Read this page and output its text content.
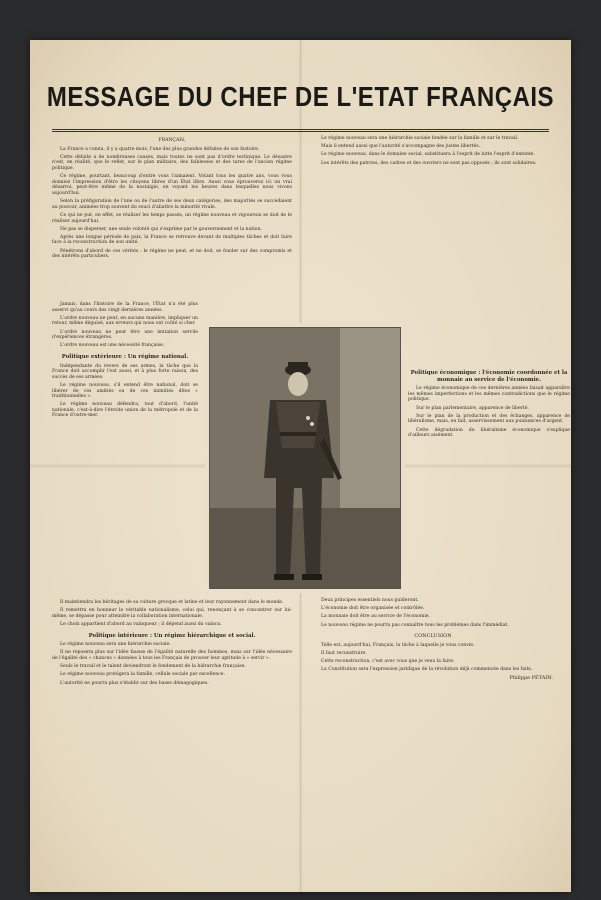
MESSAGE DU CHEF DE L'ETAT FRANÇAIS

FRANÇAIS,

La France a connu, il y a quatre mois, l'une des plus grandes défaites de son histoire.

Cette défaite a de nombreuses causes, mais toutes ne sont pas d'ordre technique. Le désastre n'est, en réalité, que le reflet, sur le plan militaire, des faiblesses et des tares de l'ancien régime politique.

Ce régime, pourtant, beaucoup d'entre vous l'aimaient. Votant tous les quatre ans, vous vous donniez l'impression d'être les citoyens libres d'un État libre. Aussi vous éprouverez ici un vrai désarroi, peut-être même de la nostalgie, en voyant les heures dans lesquelles nous vivons aujourd'hui.

Selon la préfiguration de l'une ou de l'autre de ses deux catégories, des majorités se succédaient au pouvoir, animées trop souvent du souci d'abattre la minorité rivale.

Ce qui ne put, en effet, se réaliser les temps passés, un régime nouveau et vigoureux se doit de le réaliser aujourd'hui.

Ne pas se disperser, une seule volonté qui s'exprime par le gouvernement et la nation.

Après une longue période de paix, la France se retrouve devant de multiples tâches et doit faire face à la reconstruction de son unité.

Pénétrons d'abord de ces vérités : le régime ne peut, et ne doit, se fonder sur des compromis et des intérêts particuliers.

Jamais, dans l'histoire de la France, l'État n'a été plus asservi qu'au cours des vingt dernières années.

L'ordre nouveau ne peut, en aucune manière, impliquer un retour, même déguisé, aux erreurs qui nous ont coûté si cher.

L'ordre nouveau ne peut être une imitation servile d'expériences étrangères.

L'ordre nouveau est une nécessité française.

Politique extérieure : Un régime national.

Indépendante du revers de ses armes, la tâche que la France doit accomplir l'est aussi, et à plus forte raison, des succès de ses armées.

Le régime nouveau, s'il entend être national, doit se libérer de ces amitiés ou de ces inimitiés dites « traditionnelles ».

Le régime nouveau défendra, tout d'abord, l'unité nationale, c'est-à-dire l'étroite union de la métropole et de la France d'outre-mer.

Il maintiendra les héritages de sa culture grecque et latine et leur rayonnement dans le monde.

Il remettra en honneur le véritable nationalisme, celui qui, renonçant à se concentrer sur lui-même, se dépasse pour atteindre la collaboration internationale.

Le choix appartient d'abord au vainqueur ; il dépend aussi du vaincu.

Politique intérieure : Un régime hiérarchique et social.

Le régime nouveau sera une hiérarchie sociale.

Il ne reposera plus sur l'idée fausse de l'égalité naturelle des hommes, mais sur l'idée nécessaire de l'égalité des « chances » données à tous les Français de prouver leur aptitude à « servir ».

Seuls le travail et le talent deviendront le fondement de la hiérarchie française.

Le régime nouveau protégera la famille, cellule sociale par excellence.

L'autorité ne pourra plus s'établir sur des bases démagogiques.

Le régime nouveau sera une hiérarchie sociale fondée sur la famille et sur le travail.

Mais il entend aussi que l'autorité s'accompagne des justes libertés.

Le régime nouveau, dans le domaine social, substituera à l'esprit de lutte l'esprit d'entente.

Les intérêts des patrons, des cadres et des ouvriers ne sont pas opposés ; ils sont solidaires.

Politique économique : l'économie coordonnée et la monnaie au service de l'économie.

Le régime économique de ces dernières années faisait apparaître les mêmes imperfections et les mêmes contradictions que le régime politique.

Sur le plan parlementaire, apparence de liberté.

Sur le plan de la production et des échanges, apparence de libéralisme, mais, en fait, asservissement aux puissances d'argent.

Cette dégradation du libéralisme économique s'explique d'ailleurs aisément.

Deux principes essentiels nous guideront.

L'économie doit être organisée et contrôlée.

La monnaie doit être au service de l'économie.

Le nouveau régime ne pourra pas connaître tous les problèmes dans l'immédiat.

CONCLUSION

Telle est, aujourd'hui, Français, la tâche à laquelle je vous convie.

Il faut reconstruire.

Cette reconstruction, c'est avec vous que je veux la faire.

La Constitution sera l'expression juridique de la révolution déjà commencée dans les faits.

Philippe PÉTAIN.
